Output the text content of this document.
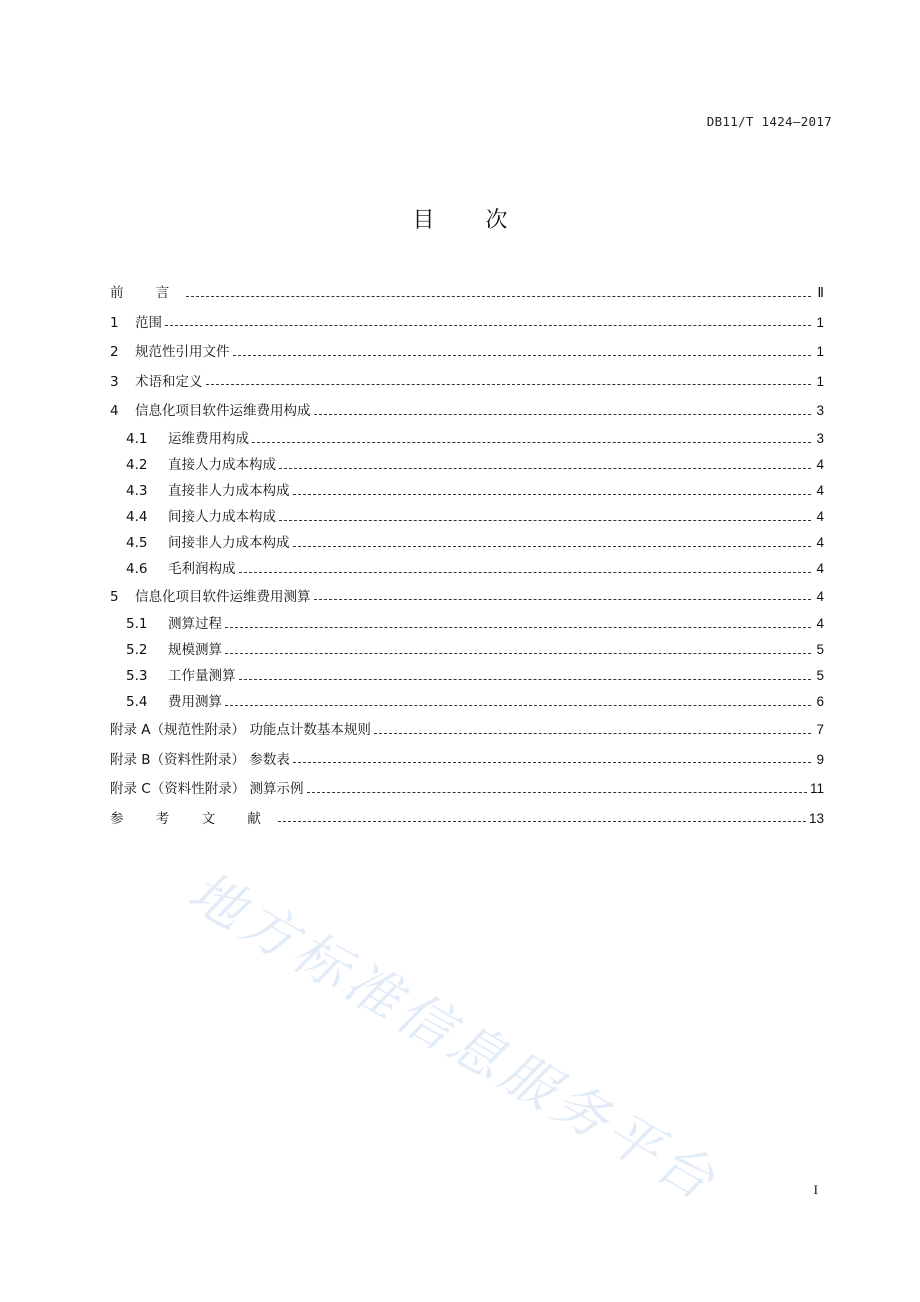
DB11/T 1424—2017
目 次
前 言	Ⅱ
1	范围	1
2	规范性引用文件	1
3	术语和定义	1
4	信息化项目软件运维费用构成	3
4.1	运维费用构成	3
4.2	直接人力成本构成	4
4.3	直接非人力成本构成	4
4.4	间接人力成本构成	4
4.5	间接非人力成本构成	4
4.6	毛利润构成	4
5	信息化项目软件运维费用测算	4
5.1	测算过程	4
5.2	规模测算	5
5.3	工作量测算	5
5.4	费用测算	6
附录 A（规范性附录） 功能点计数基本规则	7
附录 B（资料性附录） 参数表	9
附录 C（资料性附录） 测算示例	11
参 考 文 献	13
I
地方标准信息服务平台
